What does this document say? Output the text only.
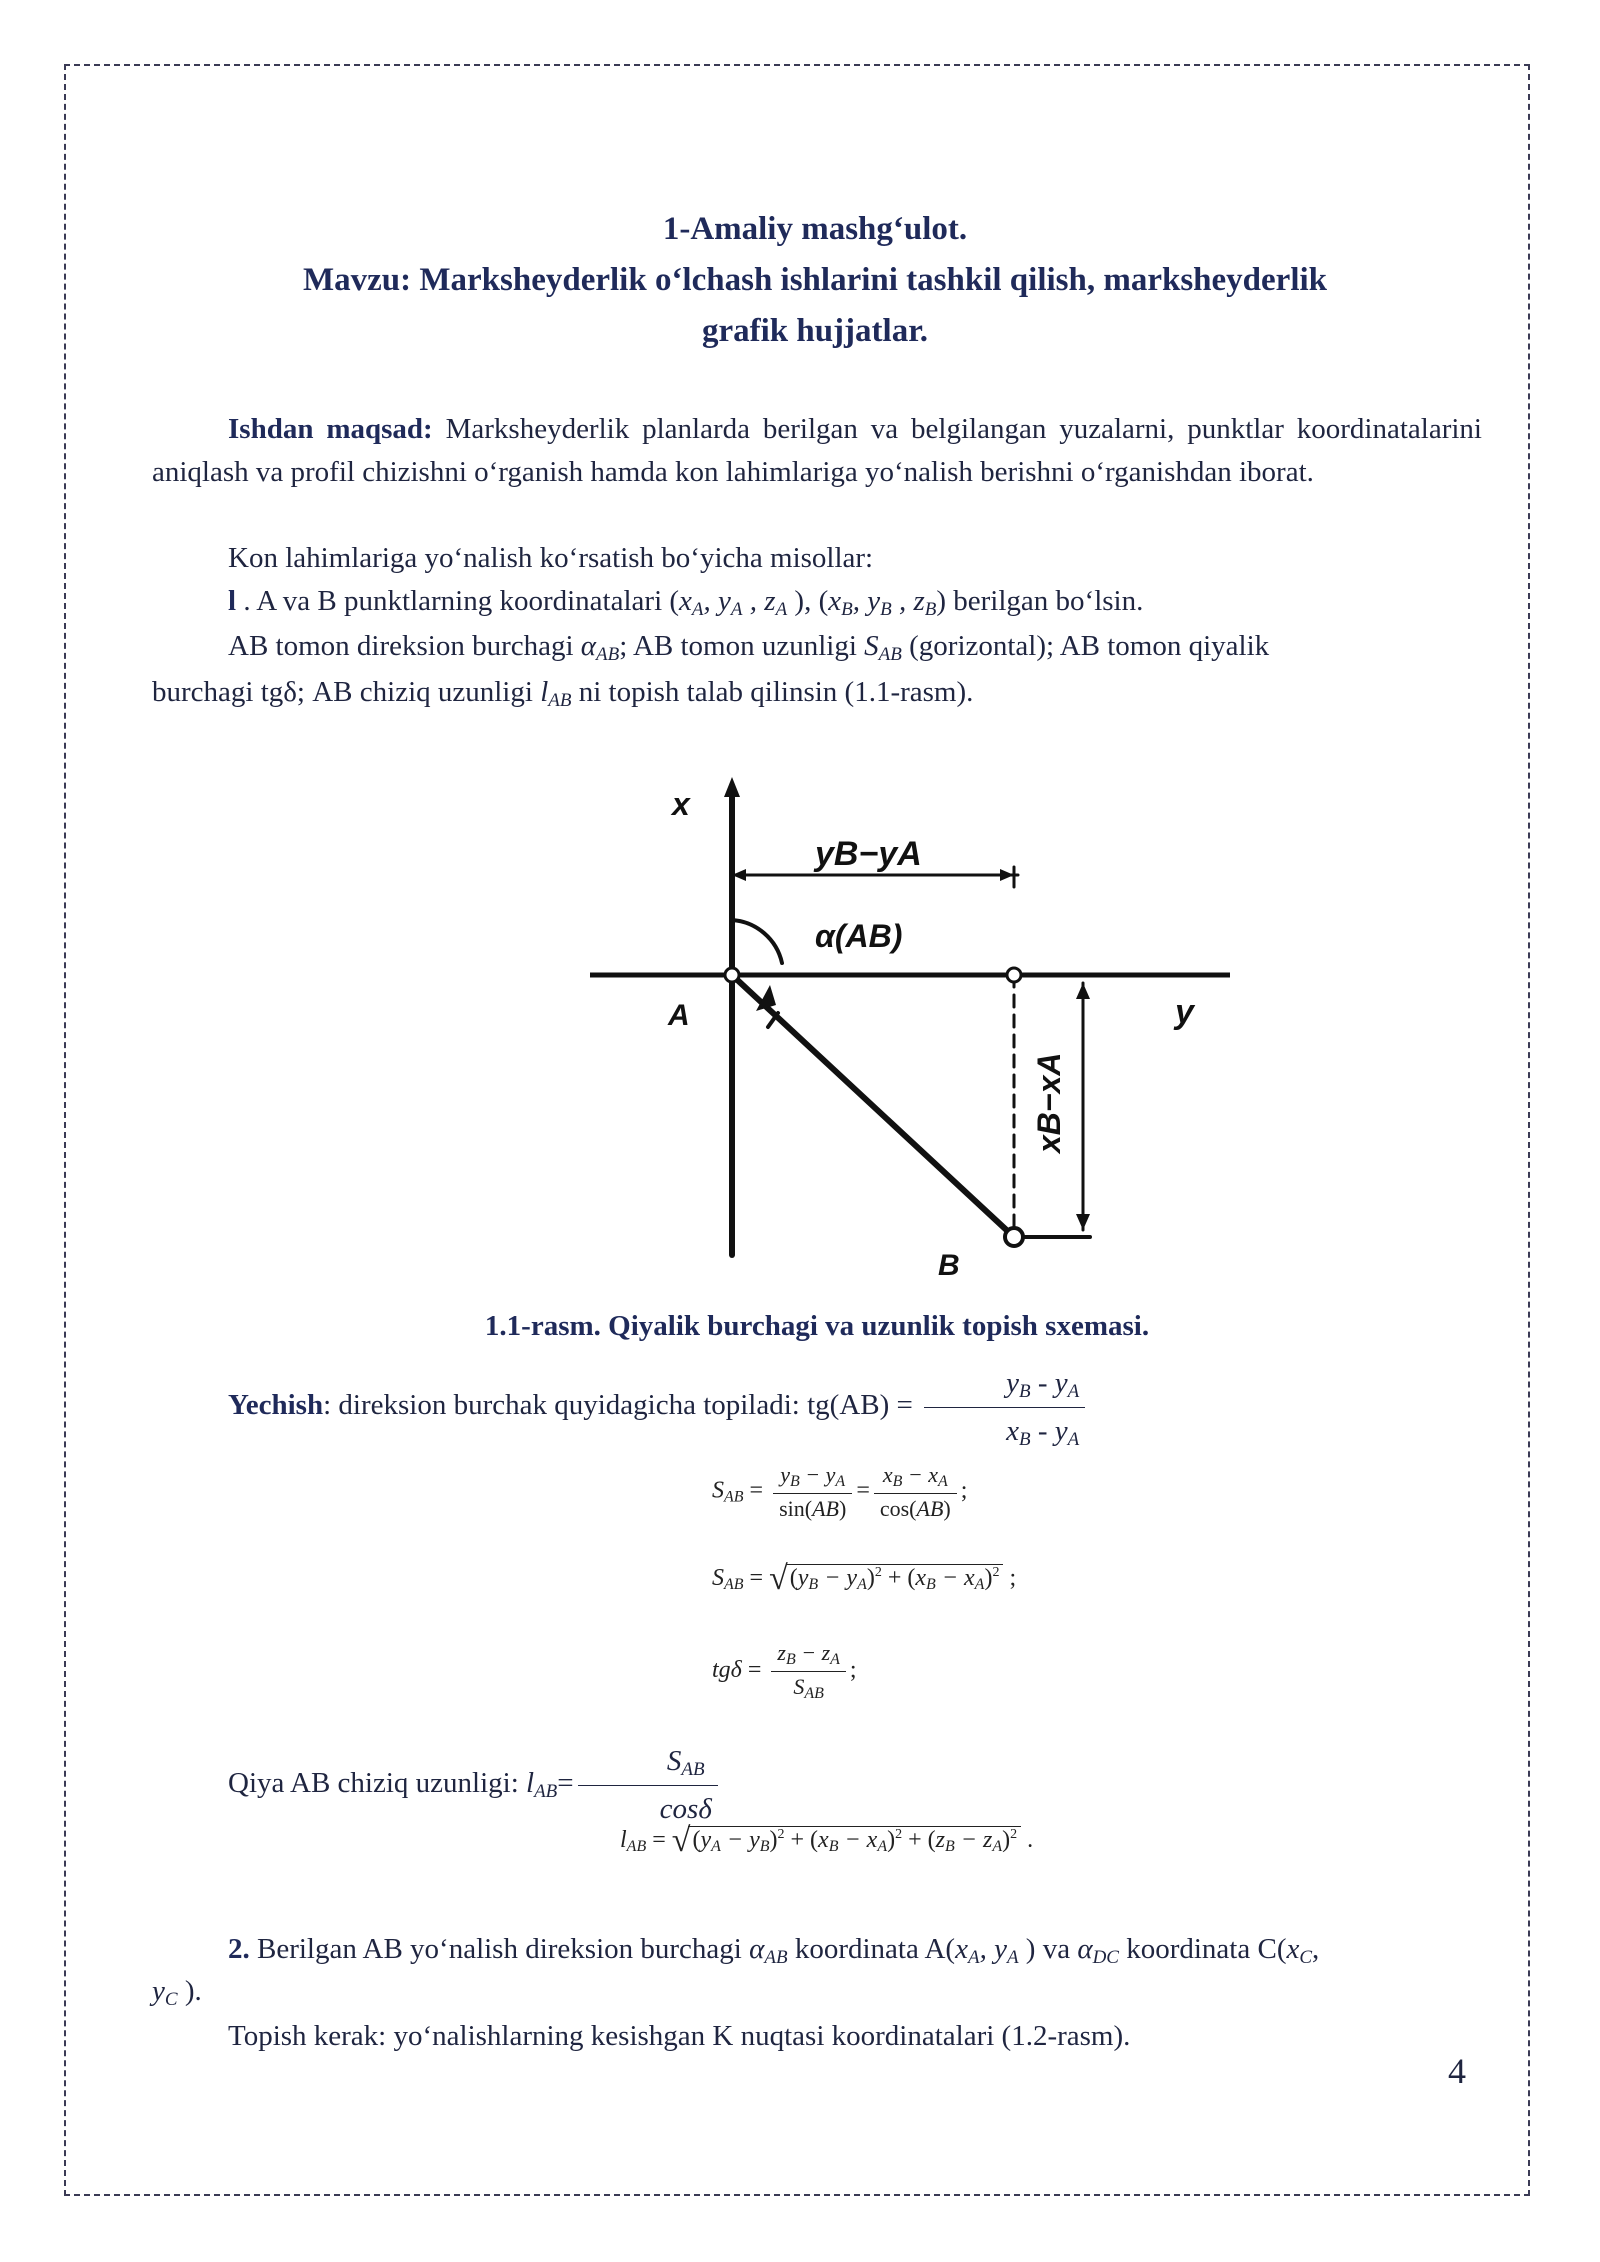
1-Amaliy mashg‘ulot.
Mavzu: Marksheyderlik o‘lchash ishlarini tashkil qilish, marksheyderlik
grafik hujjatlar.
Ishdan maqsad: Marksheyderlik planlarda berilgan va belgilangan yuzalarni, punktlar koordinatalarini aniqlash va profil chizishni o‘rganish hamda kon lahimlariga yo‘nalish berishni o‘rganishdan iborat.
Kon lahimlariga yo‘nalish ko‘rsatish bo‘yicha misollar:
l . A va B punktlarning koordinatalari ($x_A$, $y_A$ , $z_A$ ), ($x_B$, $y_B$ , $z_B$) berilgan bo‘lsin.
AB tomon direksion burchagi $\alpha_{AB}$; AB tomon uzunligi $S_{AB}$ (gorizontal); AB tomon qiyalik
burchagi tgδ; AB chiziq uzunligi $l_{AB}$ ni topish talab qilinsin (1.1-rasm).
x
y
A
B
yB−yA
α(AB)
xB−xA
1.1-rasm. Qiyalik burchagi va uzunlik topish sxemasi.
Yechish: direksion burchak quyidagicha topiladi: $tg(AB) = \frac{y_B - y_A}{x_B - y_A}$
SAB = $\frac{yB - yA}{\sin(AB)} = \frac{xB - xA}{\cos(AB)}$ ;
SAB = √(yB − yA)$^2$ + (xB − xA)$^2$ ;
$tg\delta = \frac{zB - zA}{\text{SAB}}$ ;
Qiya AB chiziq uzunligi: $l_{AB}= \frac{S_{AB}}{\cos\delta}$
lAB = √(yA − yB)$^2$ + (xB − xA)$^2$ + (zB − zA)$^2$ .
2. Berilgan AB yo‘nalish direksion burchagi $\alpha_{AB}$ koordinata $A(x_A$, $y_A$ ) va $\alpha_{DC}$ koordinata $C(x_C$,
$y_C$ ).
Topish kerak: yo‘nalishlarning kesishgan K nuqtasi koordinatalari (1.2-rasm).
4
